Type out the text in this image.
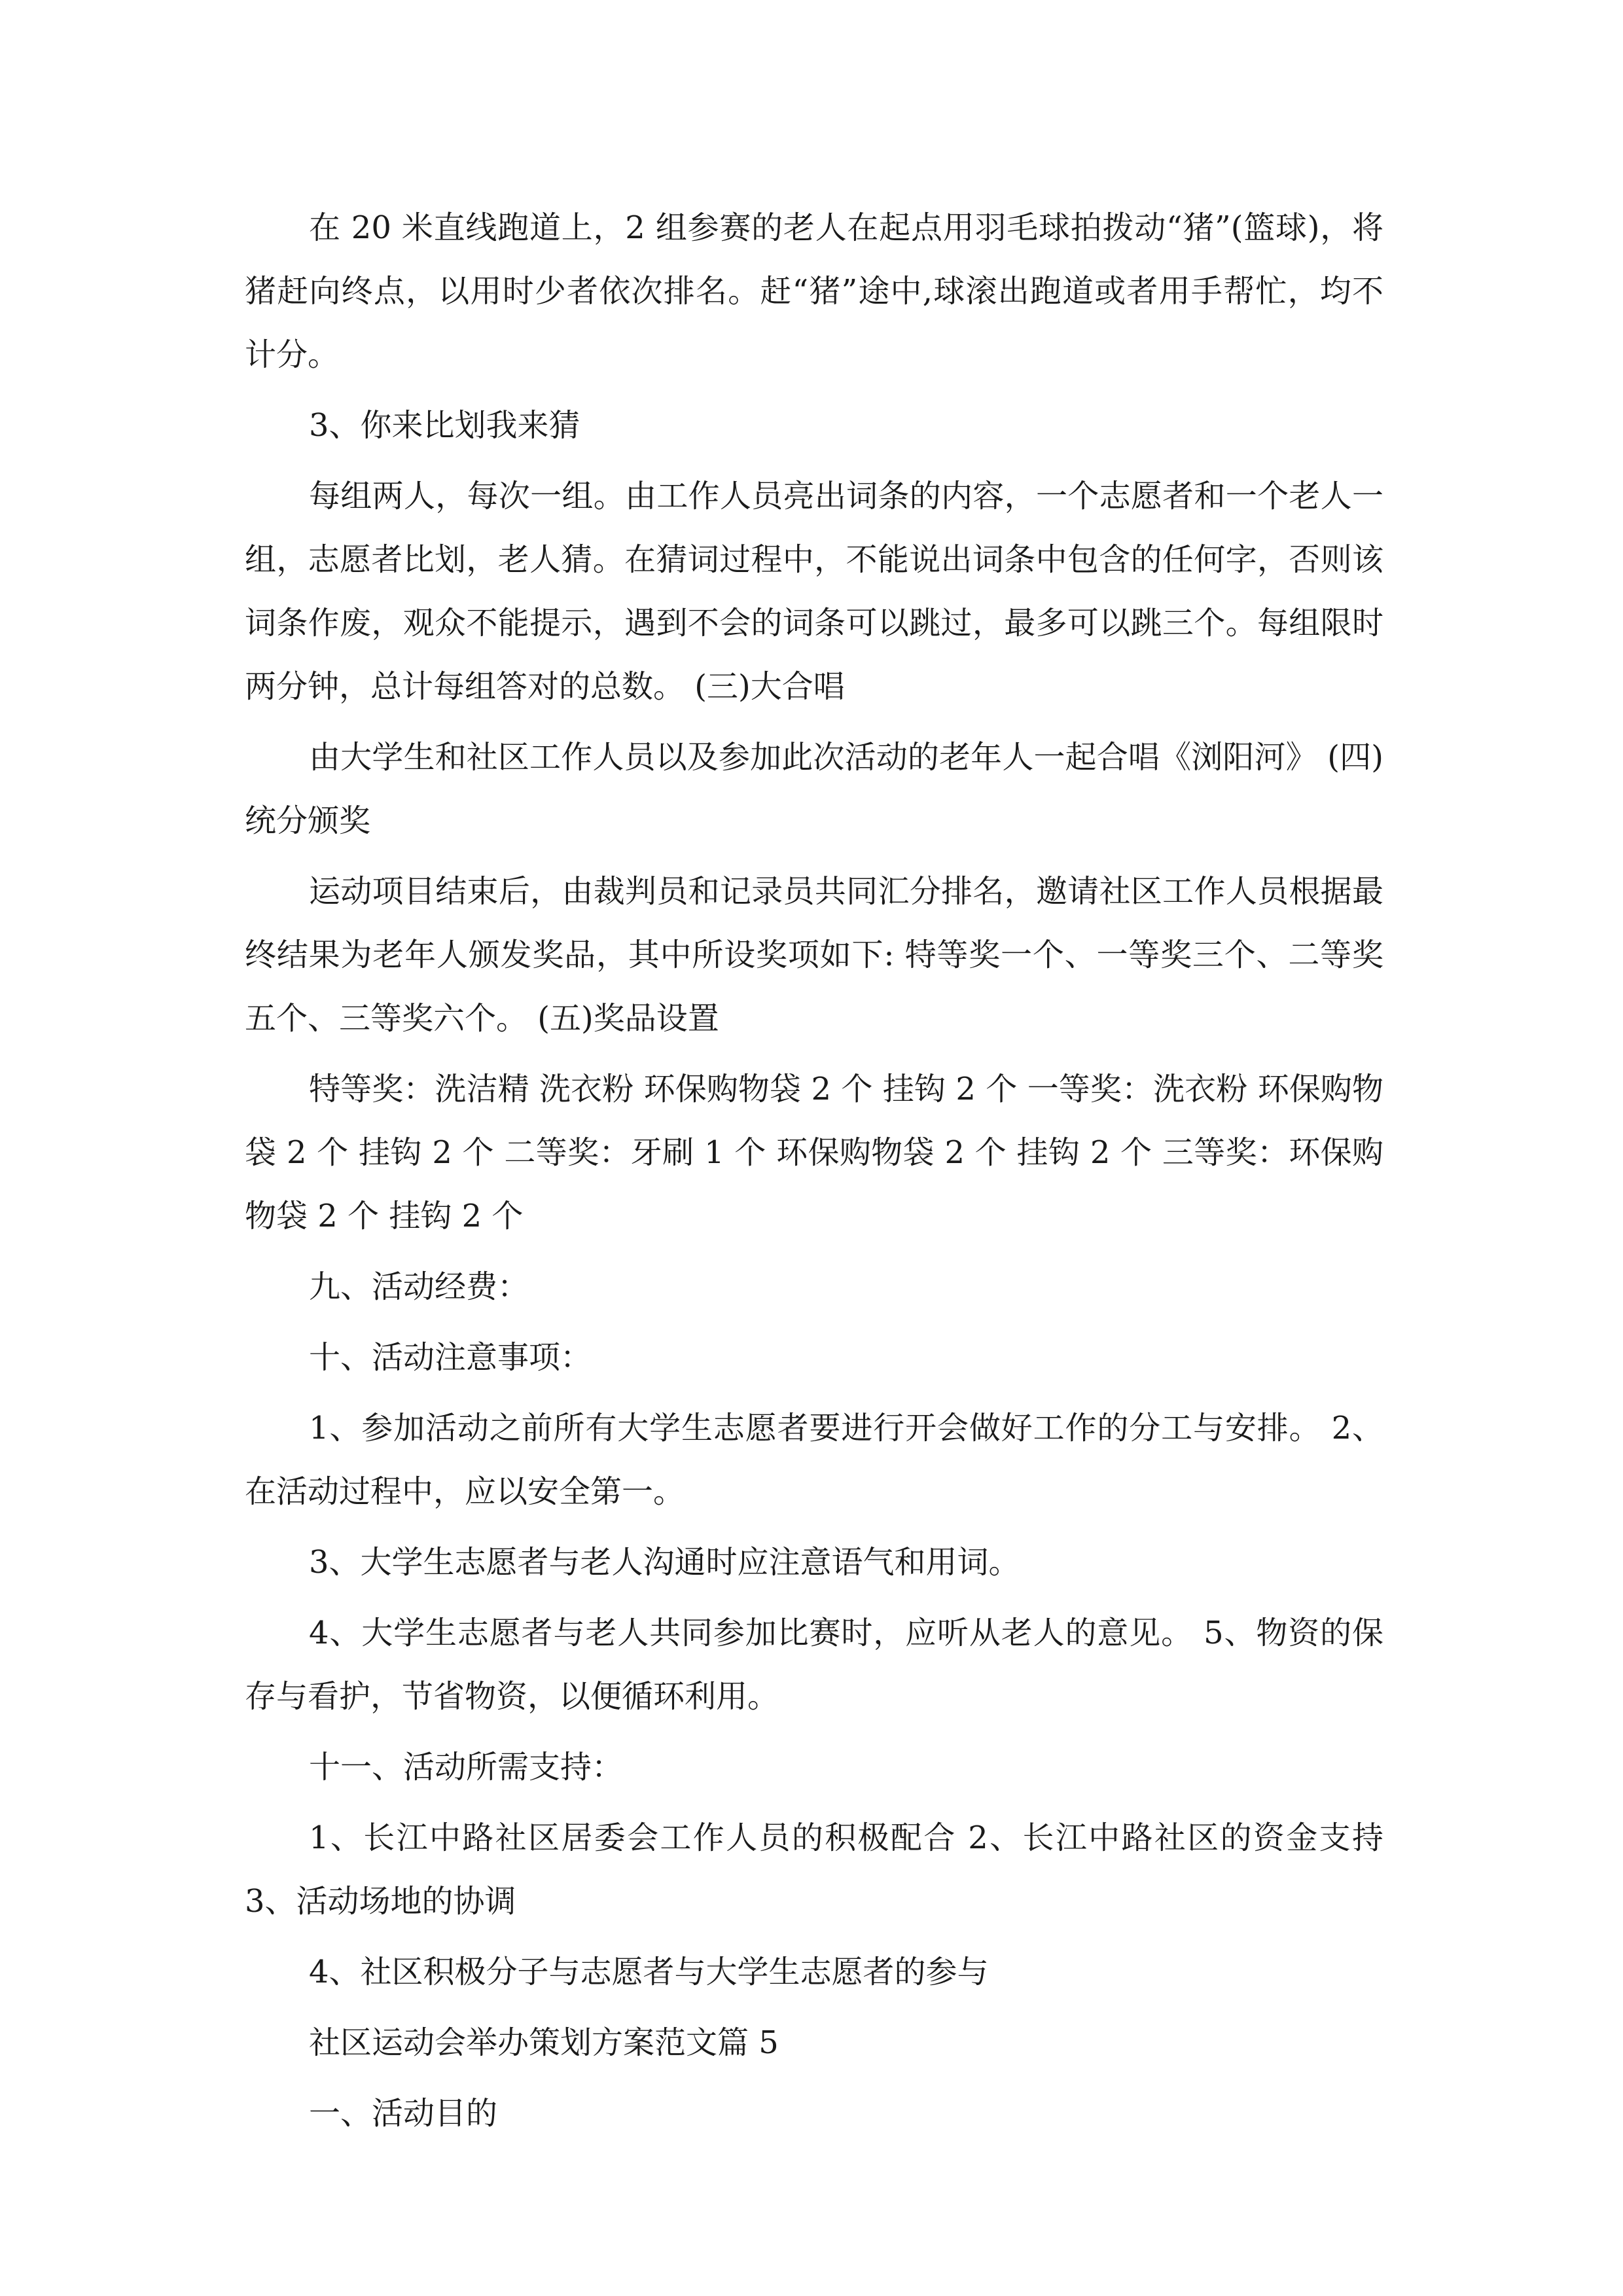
在 20 米直线跑道上，2 组参赛的老人在起点用羽毛球拍拨动“猪”(篮球)，将猪赶向终点，以用时少者依次排名。赶“猪”途中,球滚出跑道或者用手帮忙，均不计分。

3、你来比划我来猜

每组两人，每次一组。由工作人员亮出词条的内容，一个志愿者和一个老人一组，志愿者比划，老人猜。在猜词过程中，不能说出词条中包含的任何字，否则该词条作废，观众不能提示，遇到不会的词条可以跳过，最多可以跳三个。每组限时两分钟，总计每组答对的总数。 (三)大合唱

由大学生和社区工作人员以及参加此次活动的老年人一起合唱《浏阳河》 (四)统分颁奖

运动项目结束后，由裁判员和记录员共同汇分排名，邀请社区工作人员根据最终结果为老年人颁发奖品，其中所设奖项如下: 特等奖一个、一等奖三个、二等奖五个、三等奖六个。 (五)奖品设置

特等奖：洗洁精 洗衣粉 环保购物袋 2 个 挂钩 2 个 一等奖：洗衣粉 环保购物袋 2 个 挂钩 2 个 二等奖：牙刷 1 个 环保购物袋 2 个 挂钩 2 个 三等奖：环保购物袋 2 个 挂钩 2 个

九、活动经费：

十、活动注意事项：

1、参加活动之前所有大学生志愿者要进行开会做好工作的分工与安排。 2、在活动过程中，应以安全第一。

3、大学生志愿者与老人沟通时应注意语气和用词。

4、大学生志愿者与老人共同参加比赛时，应听从老人的意见。 5、物资的保存与看护，节省物资，以便循环利用。

十一、活动所需支持：

1、长江中路社区居委会工作人员的积极配合 2、长江中路社区的资金支持 3、活动场地的协调

4、社区积极分子与志愿者与大学生志愿者的参与

社区运动会举办策划方案范文篇 5

一、活动目的
